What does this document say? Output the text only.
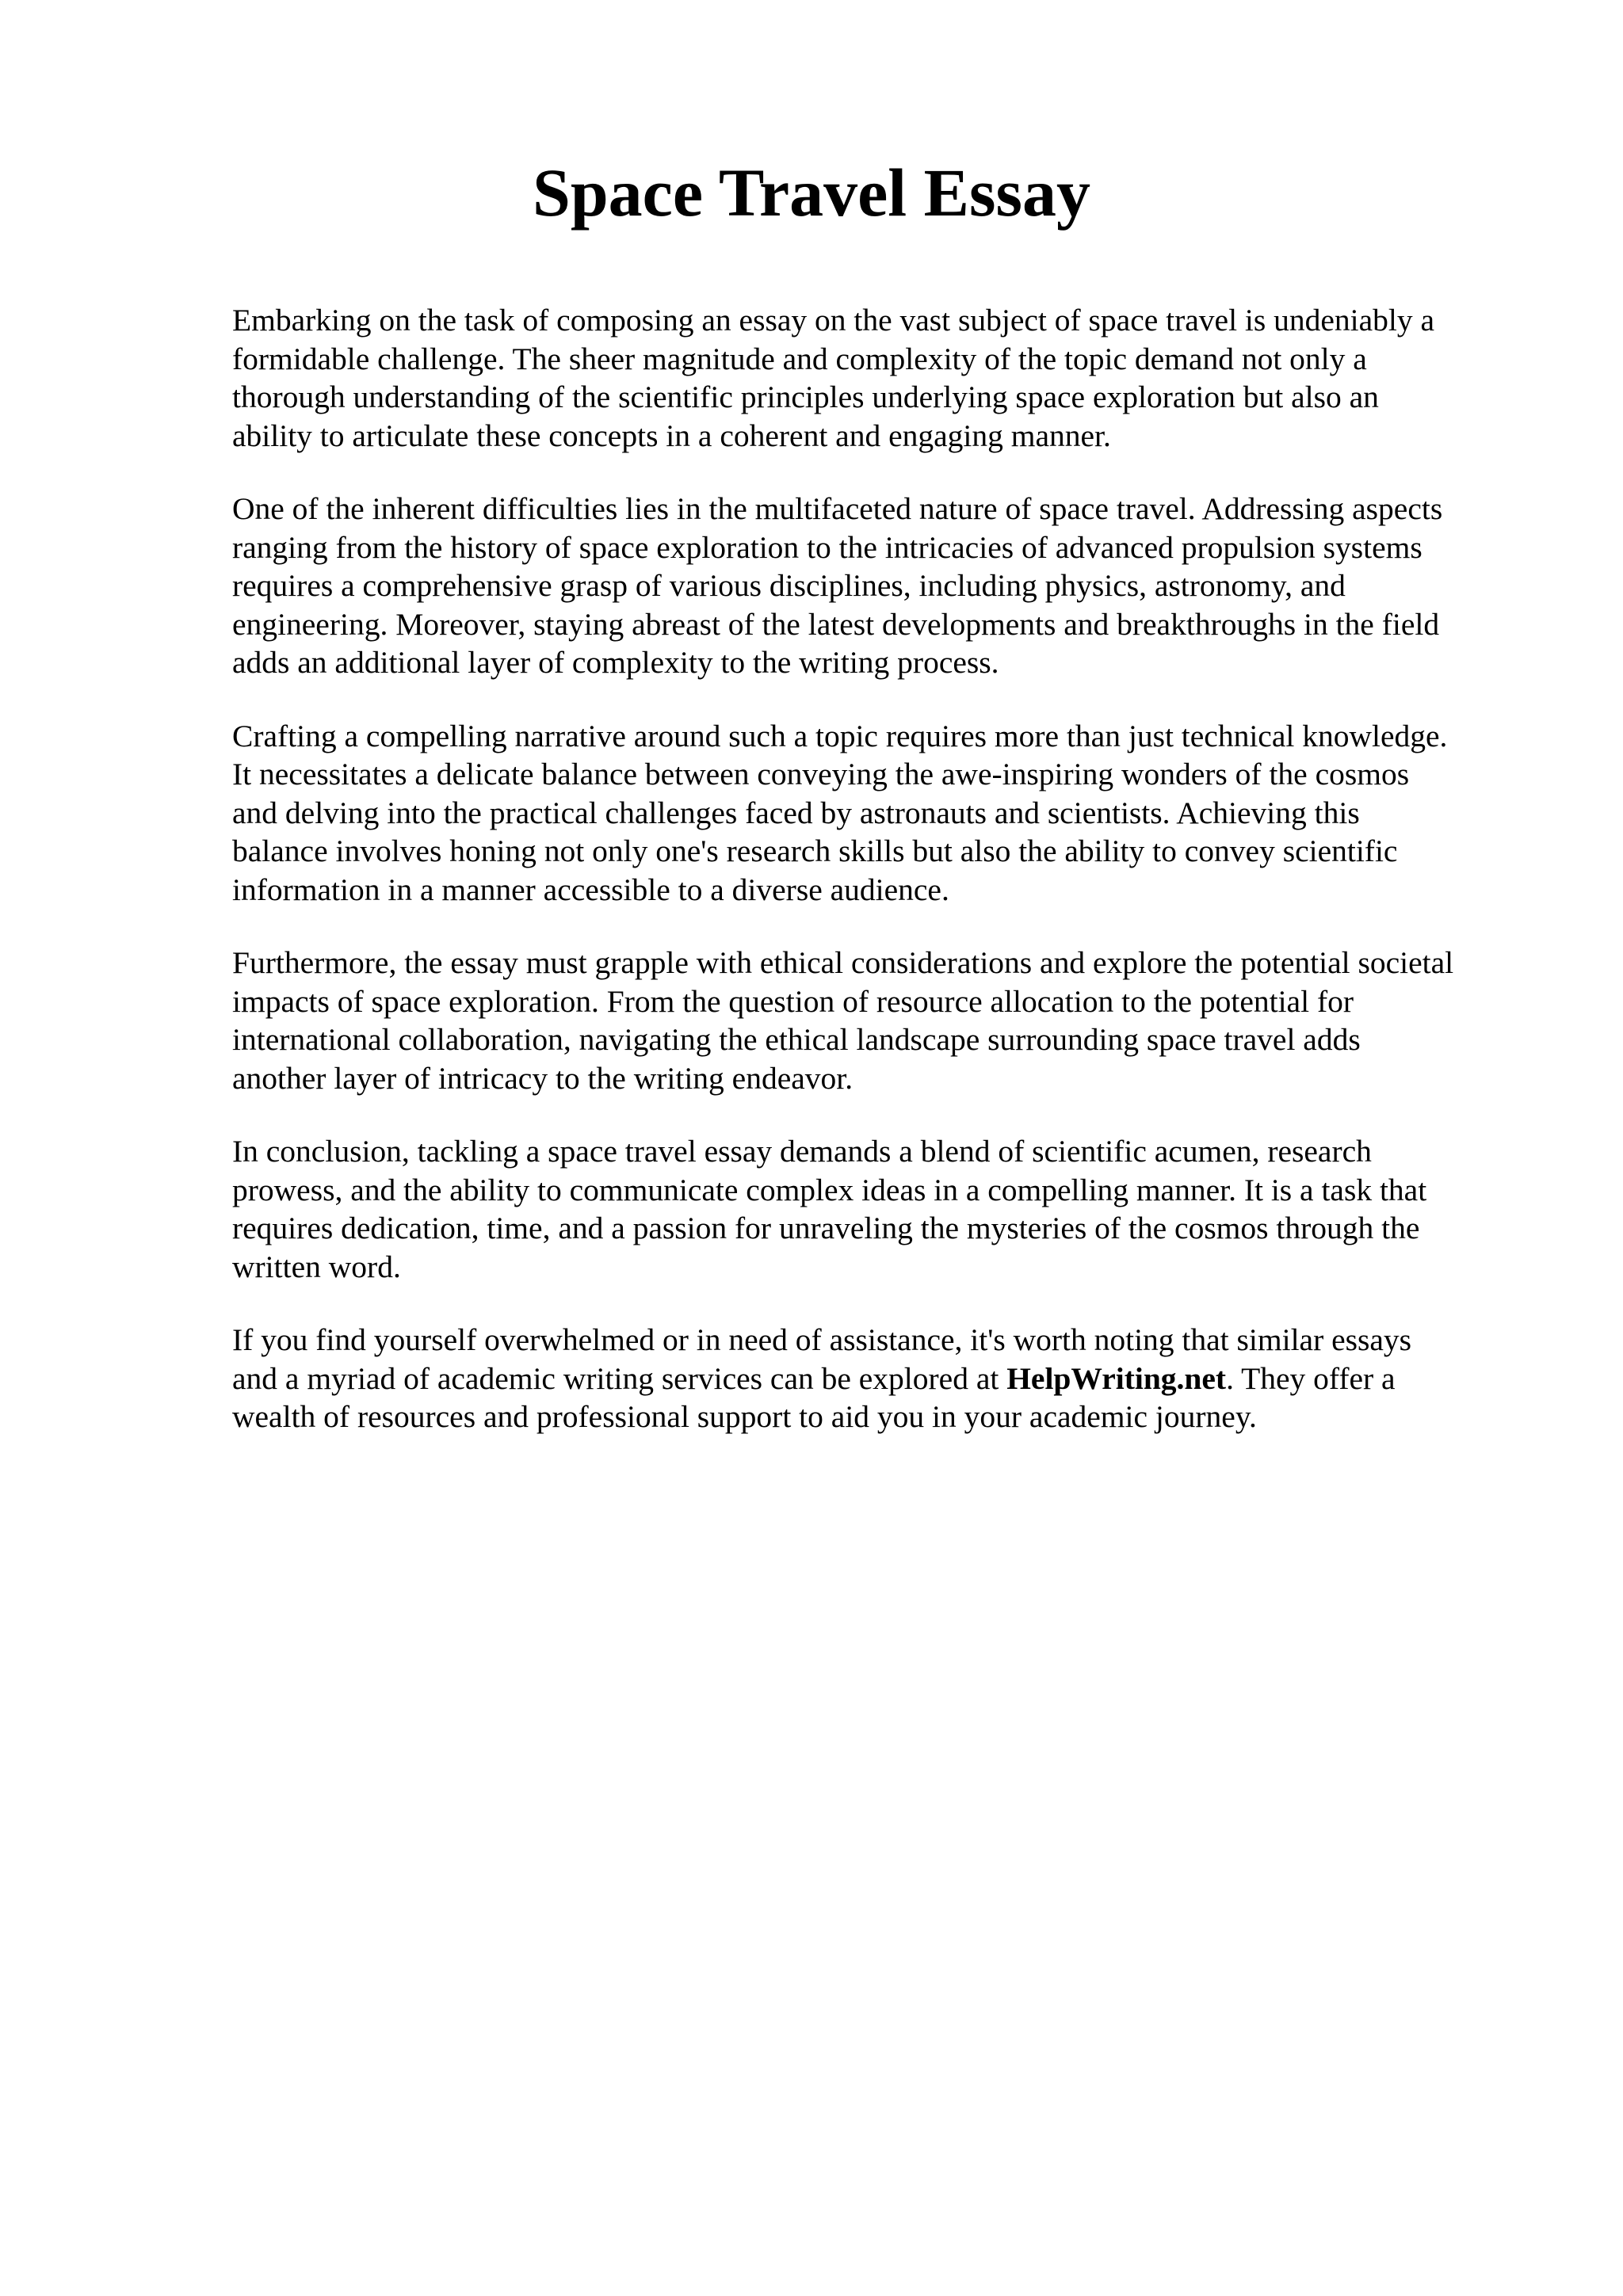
Space Travel Essay

Embarking on the task of composing an essay on the vast subject of space travel is undeniably a
formidable challenge. The sheer magnitude and complexity of the topic demand not only a
thorough understanding of the scientific principles underlying space exploration but also an
ability to articulate these concepts in a coherent and engaging manner.

One of the inherent difficulties lies in the multifaceted nature of space travel. Addressing aspects
ranging from the history of space exploration to the intricacies of advanced propulsion systems
requires a comprehensive grasp of various disciplines, including physics, astronomy, and
engineering. Moreover, staying abreast of the latest developments and breakthroughs in the field
adds an additional layer of complexity to the writing process.

Crafting a compelling narrative around such a topic requires more than just technical knowledge.
It necessitates a delicate balance between conveying the awe-inspiring wonders of the cosmos
and delving into the practical challenges faced by astronauts and scientists. Achieving this
balance involves honing not only one's research skills but also the ability to convey scientific
information in a manner accessible to a diverse audience.

Furthermore, the essay must grapple with ethical considerations and explore the potential societal
impacts of space exploration. From the question of resource allocation to the potential for
international collaboration, navigating the ethical landscape surrounding space travel adds
another layer of intricacy to the writing endeavor.

In conclusion, tackling a space travel essay demands a blend of scientific acumen, research
prowess, and the ability to communicate complex ideas in a compelling manner. It is a task that
requires dedication, time, and a passion for unraveling the mysteries of the cosmos through the
written word.

If you find yourself overwhelmed or in need of assistance, it's worth noting that similar essays
and a myriad of academic writing services can be explored at HelpWriting.net. They offer a
wealth of resources and professional support to aid you in your academic journey.
